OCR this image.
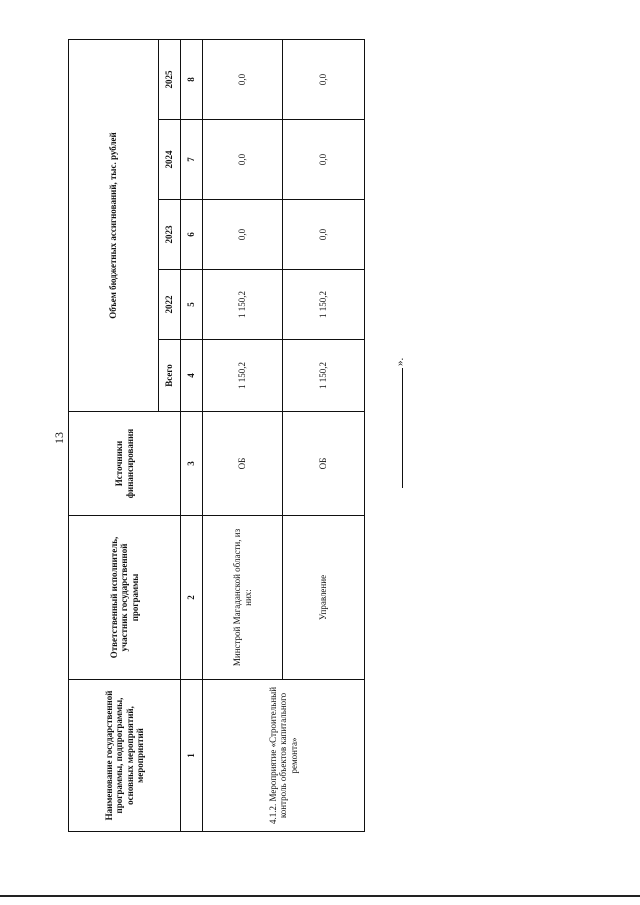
13
Наименование государственной программы, подпрограммы, основных мероприятий, мероприятий	Ответственный исполнитель, участник государственной программы	Источники финансирования	Объем бюджетных ассигнований, тыс. рублей				
			Всего	2022	2023	2024	2025
1	2	3	4	5	6	7	8
4.1.2. Мероприятие «Строительный контроль объектов капитального ремонта»	Минстрой Магаданской области, из них:	ОБ	1 150,2	1 150,2	0,0	0,0	0,0
	Управление	ОБ	1 150,2	1 150,2	0,0	0,0	0,0
».
